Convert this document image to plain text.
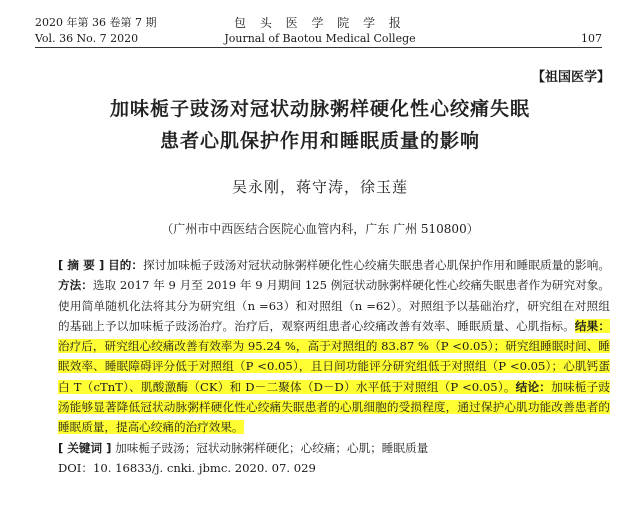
2020 年第 36 卷第 7 期
Vol. 36 No. 7 2020
包 头 医 学 院 学 报
Journal of Baotou Medical College	107
【祖国医学】
加味栀子豉汤对冠状动脉粥样硬化性心绞痛失眠
患者心肌保护作用和睡眠质量的影响
吴永刚，蒋守涛，徐玉莲
（广州市中西医结合医院心血管内科，广东 广州 510800）

[ 摘 要 ] 目的：探讨加味栀子豉汤对冠状动脉粥样硬化性心绞痛失眠患者心肌保护作用和睡眠质量的影响。方法：选取 2017 年 9 月至 2019 年 9 月期间 125 例冠状动脉粥样硬化性心绞痛失眠患者作为研究对象。使用简单随机化法将其分为研究组（n =63）和对照组（n =62）。对照组予以基础治疗，研究组在对照组的基础上予以加味栀子豉汤治疗。治疗后，观察两组患者心绞痛改善有效率、睡眠质量、心肌指标。结果：治疗后，研究组心绞痛改善有效率为 95.24 %，高于对照组的 83.87 %（P <0.05）；研究组睡眠时间、睡眠效率、睡眠障碍评分低于对照组（P <0.05），且日间功能评分研究组低于对照组（P <0.05）；心肌钙蛋白 T（cTnT）、肌酸激酶（CK）和 D－二聚体（D－D）水平低于对照组（P <0.05）。结论：加味栀子豉汤能够显著降低冠状动脉粥样硬化性心绞痛失眠患者的心肌细胞的受损程度，通过保护心肌功能改善患者的睡眠质量，提高心绞痛的治疗效果。

[ 关键词 ] 加味栀子豉汤；冠状动脉粥样硬化；心绞痛；心肌；睡眠质量

DOI：10. 16833/j. cnki. jbmc. 2020. 07. 029
